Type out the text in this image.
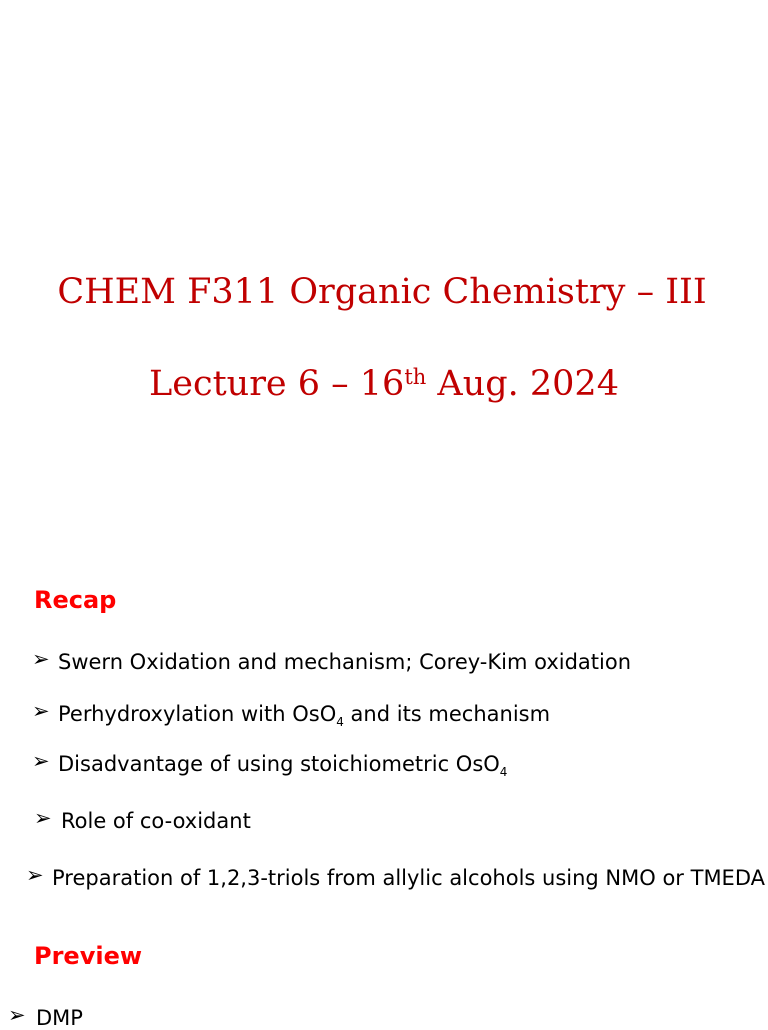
CHEM F311 Organic Chemistry – III
Lecture 6 – 16th Aug. 2024
Recap
➢ Swern Oxidation and mechanism; Corey-Kim oxidation
➢ Perhydroxylation with OsO$_4$ and its mechanism
➢ Disadvantage of using stoichiometric OsO$_4$
➢ Role of co-oxidant
➢ Preparation of 1,2,3-triols from allylic alcohols using NMO or TMEDA
Preview
➢ DMP
